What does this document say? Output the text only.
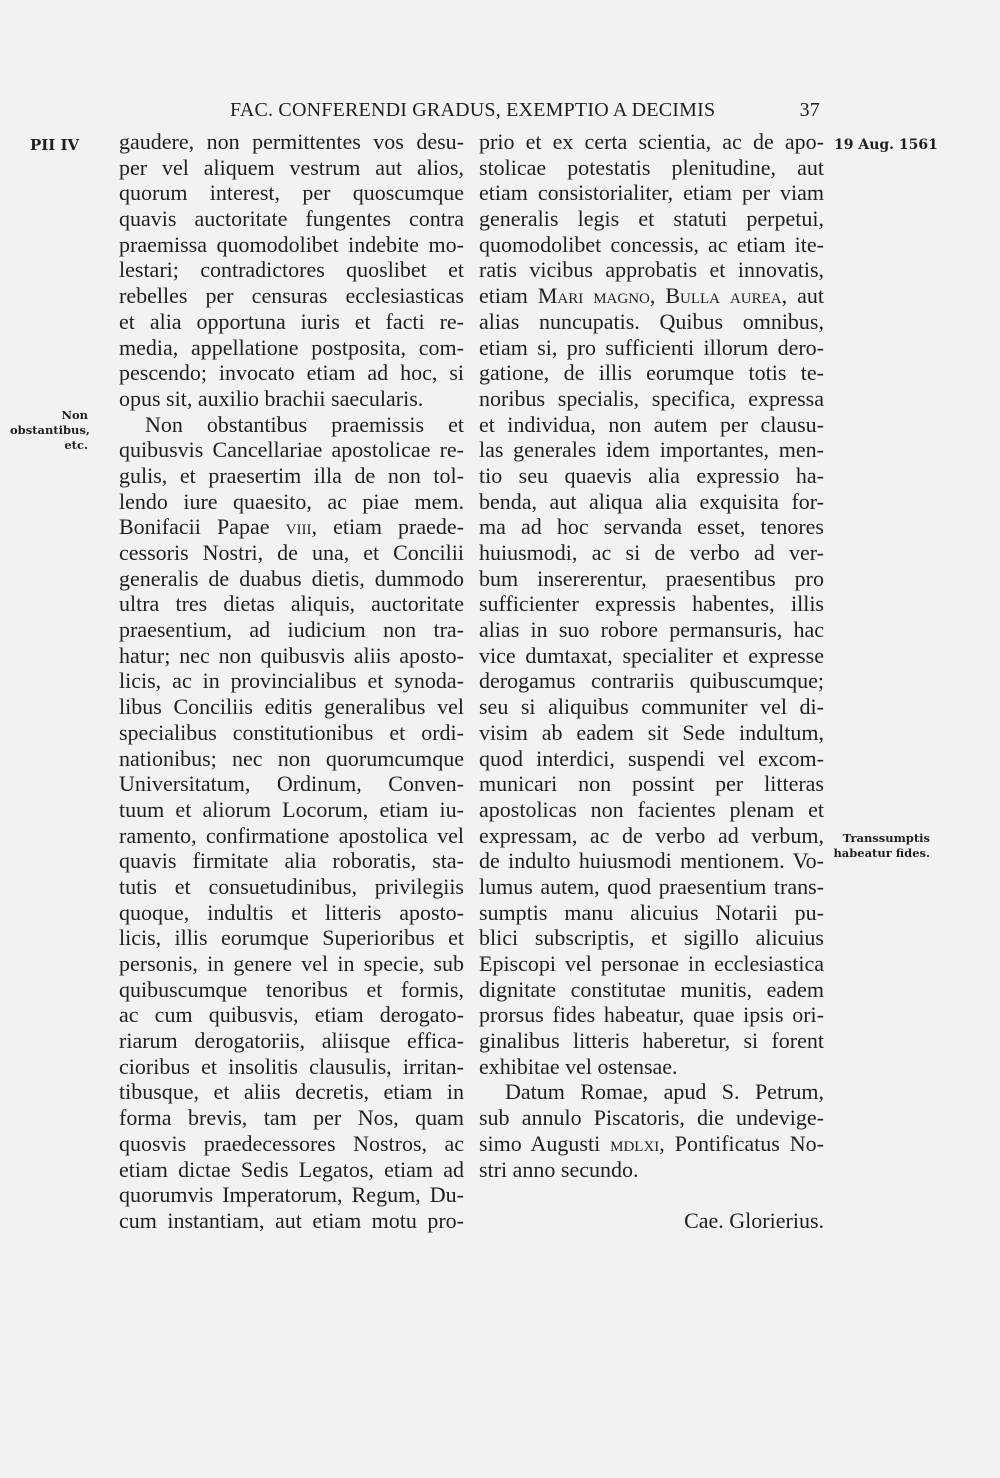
FAC. CONFERENDI GRADUS, EXEMPTIO A DECIMIS	37
PII IV	19 Aug. 1561
Non
obstantibus,
etc.
Transsumptis
habeatur fides.
gaudere, non permittentes vos desu-
per vel aliquem vestrum aut alios,
quorum interest, per quoscumque
quavis auctoritate fungentes contra
praemissa quomodolibet indebite mo-
lestari; contradictores quoslibet et
rebelles per censuras ecclesiasticas
et alia opportuna iuris et facti re-
media, appellatione postposita, com-
pescendo; invocato etiam ad hoc, si
opus sit, auxilio brachii saecularis.
Non obstantibus praemissis et
quibusvis Cancellariae apostolicae re-
gulis, et praesertim illa de non tol-
lendo iure quaesito, ac piae mem.
Bonifacii Papae viii, etiam praede-
cessoris Nostri, de una, et Concilii
generalis de duabus dietis, dummodo
ultra tres dietas aliquis, auctoritate
praesentium, ad iudicium non tra-
hatur; nec non quibusvis aliis aposto-
licis, ac in provincialibus et synoda-
libus Conciliis editis generalibus vel
specialibus constitutionibus et ordi-
nationibus; nec non quorumcumque
Universitatum, Ordinum, Conven-
tuum et aliorum Locorum, etiam iu-
ramento, confirmatione apostolica vel
quavis firmitate alia roboratis, sta-
tutis et consuetudinibus, privilegiis
quoque, indultis et litteris aposto-
licis, illis eorumque Superioribus et
personis, in genere vel in specie, sub
quibuscumque tenoribus et formis,
ac cum quibusvis, etiam derogato-
riarum derogatoriis, aliisque effica-
cioribus et insolitis clausulis, irritan-
tibusque, et aliis decretis, etiam in
forma brevis, tam per Nos, quam
quosvis praedecessores Nostros, ac
etiam dictae Sedis Legatos, etiam ad
quorumvis Imperatorum, Regum, Du-
cum instantiam, aut etiam motu pro-
prio et ex certa scientia, ac de apo-
stolicae potestatis plenitudine, aut
etiam consistorialiter, etiam per viam
generalis legis et statuti perpetui,
quomodolibet concessis, ac etiam ite-
ratis vicibus approbatis et innovatis,
etiam Mari magno, Bulla aurea, aut
alias nuncupatis. Quibus omnibus,
etiam si, pro sufficienti illorum dero-
gatione, de illis eorumque totis te-
noribus specialis, specifica, expressa
et individua, non autem per clausu-
las generales idem importantes, men-
tio seu quaevis alia expressio ha-
benda, aut aliqua alia exquisita for-
ma ad hoc servanda esset, tenores
huiusmodi, ac si de verbo ad ver-
bum insererentur, praesentibus pro
sufficienter expressis habentes, illis
alias in suo robore permansuris, hac
vice dumtaxat, specialiter et expresse
derogamus contrariis quibuscumque;
seu si aliquibus communiter vel di-
visim ab eadem sit Sede indultum,
quod interdici, suspendi vel excom-
municari non possint per litteras
apostolicas non facientes plenam et
expressam, ac de verbo ad verbum,
de indulto huiusmodi mentionem. Vo-
lumus autem, quod praesentium trans-
sumptis manu alicuius Notarii pu-
blici subscriptis, et sigillo alicuius
Episcopi vel personae in ecclesiastica
dignitate constitutae munitis, eadem
prorsus fides habeatur, quae ipsis ori-
ginalibus litteris haberetur, si forent
exhibitae vel ostensae.
Datum Romae, apud S. Petrum,
sub annulo Piscatoris, die undevige-
simo Augusti mdlxi, Pontificatus No-
stri anno secundo.
Cae. Glorierius.
